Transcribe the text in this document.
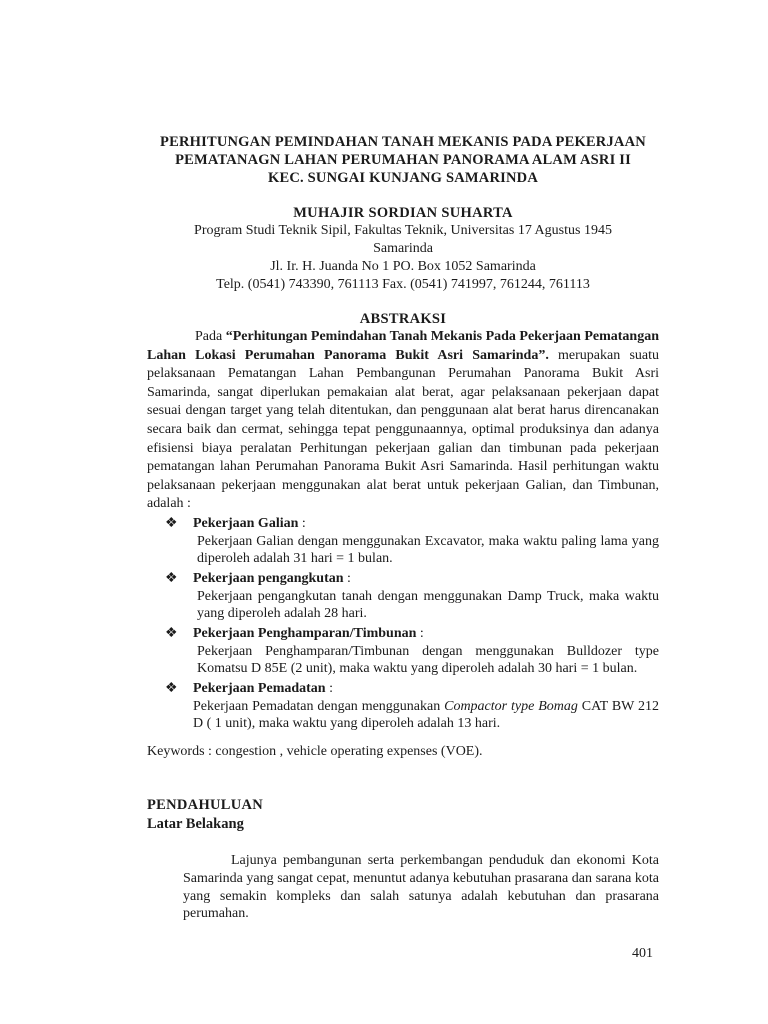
PERHITUNGAN PEMINDAHAN TANAH MEKANIS PADA PEKERJAAN
PEMATANAGN LAHAN PERUMAHAN PANORAMA ALAM ASRI II
KEC. SUNGAI KUNJANG SAMARINDA
MUHAJIR SORDIAN SUHARTA
Program Studi Teknik Sipil, Fakultas Teknik, Universitas 17 Agustus 1945
Samarinda
Jl. Ir. H. Juanda No 1 PO. Box 1052 Samarinda
Telp. (0541) 743390, 761113 Fax. (0541) 741997, 761244, 761113
ABSTRAKSI
Pada “Perhitungan Pemindahan Tanah Mekanis Pada Pekerjaan Pematangan Lahan Lokasi Perumahan Panorama Bukit Asri Samarinda”. merupakan suatu pelaksanaan Pematangan Lahan Pembangunan Perumahan Panorama Bukit Asri Samarinda, sangat diperlukan pemakaian alat berat, agar pelaksanaan pekerjaan dapat sesuai dengan target yang telah ditentukan, dan penggunaan alat berat harus direncanakan secara baik dan cermat, sehingga tepat penggunaannya, optimal produksinya dan adanya efisiensi biaya peralatan Perhitungan pekerjaan galian dan timbunan pada pekerjaan pematangan lahan Perumahan Panorama Bukit Asri Samarinda. Hasil perhitungan waktu pelaksanaan pekerjaan menggunakan alat berat untuk pekerjaan Galian, dan Timbunan, adalah :
❖ Pekerjaan Galian :
Pekerjaan Galian dengan menggunakan Excavator, maka waktu paling lama yang diperoleh adalah 31 hari = 1 bulan.
❖ Pekerjaan pengangkutan :
Pekerjaan pengangkutan tanah dengan menggunakan Damp Truck, maka waktu yang diperoleh adalah 28 hari.
❖ Pekerjaan Penghamparan/Timbunan :
Pekerjaan Penghamparan/Timbunan dengan menggunakan Bulldozer type Komatsu D 85E (2 unit), maka waktu yang diperoleh adalah 30 hari = 1 bulan.
❖ Pekerjaan Pemadatan :
Pekerjaan Pemadatan dengan menggunakan Compactor type Bomag CAT BW 212 D ( 1 unit), maka waktu yang diperoleh adalah 13 hari.
Keywords : congestion , vehicle operating expenses (VOE).
PENDAHULUAN
Latar Belakang
Lajunya pembangunan serta perkembangan penduduk dan ekonomi Kota Samarinda yang sangat cepat, menuntut adanya kebutuhan prasarana dan sarana kota yang semakin kompleks dan salah satunya adalah kebutuhan dan prasarana perumahan.
401
